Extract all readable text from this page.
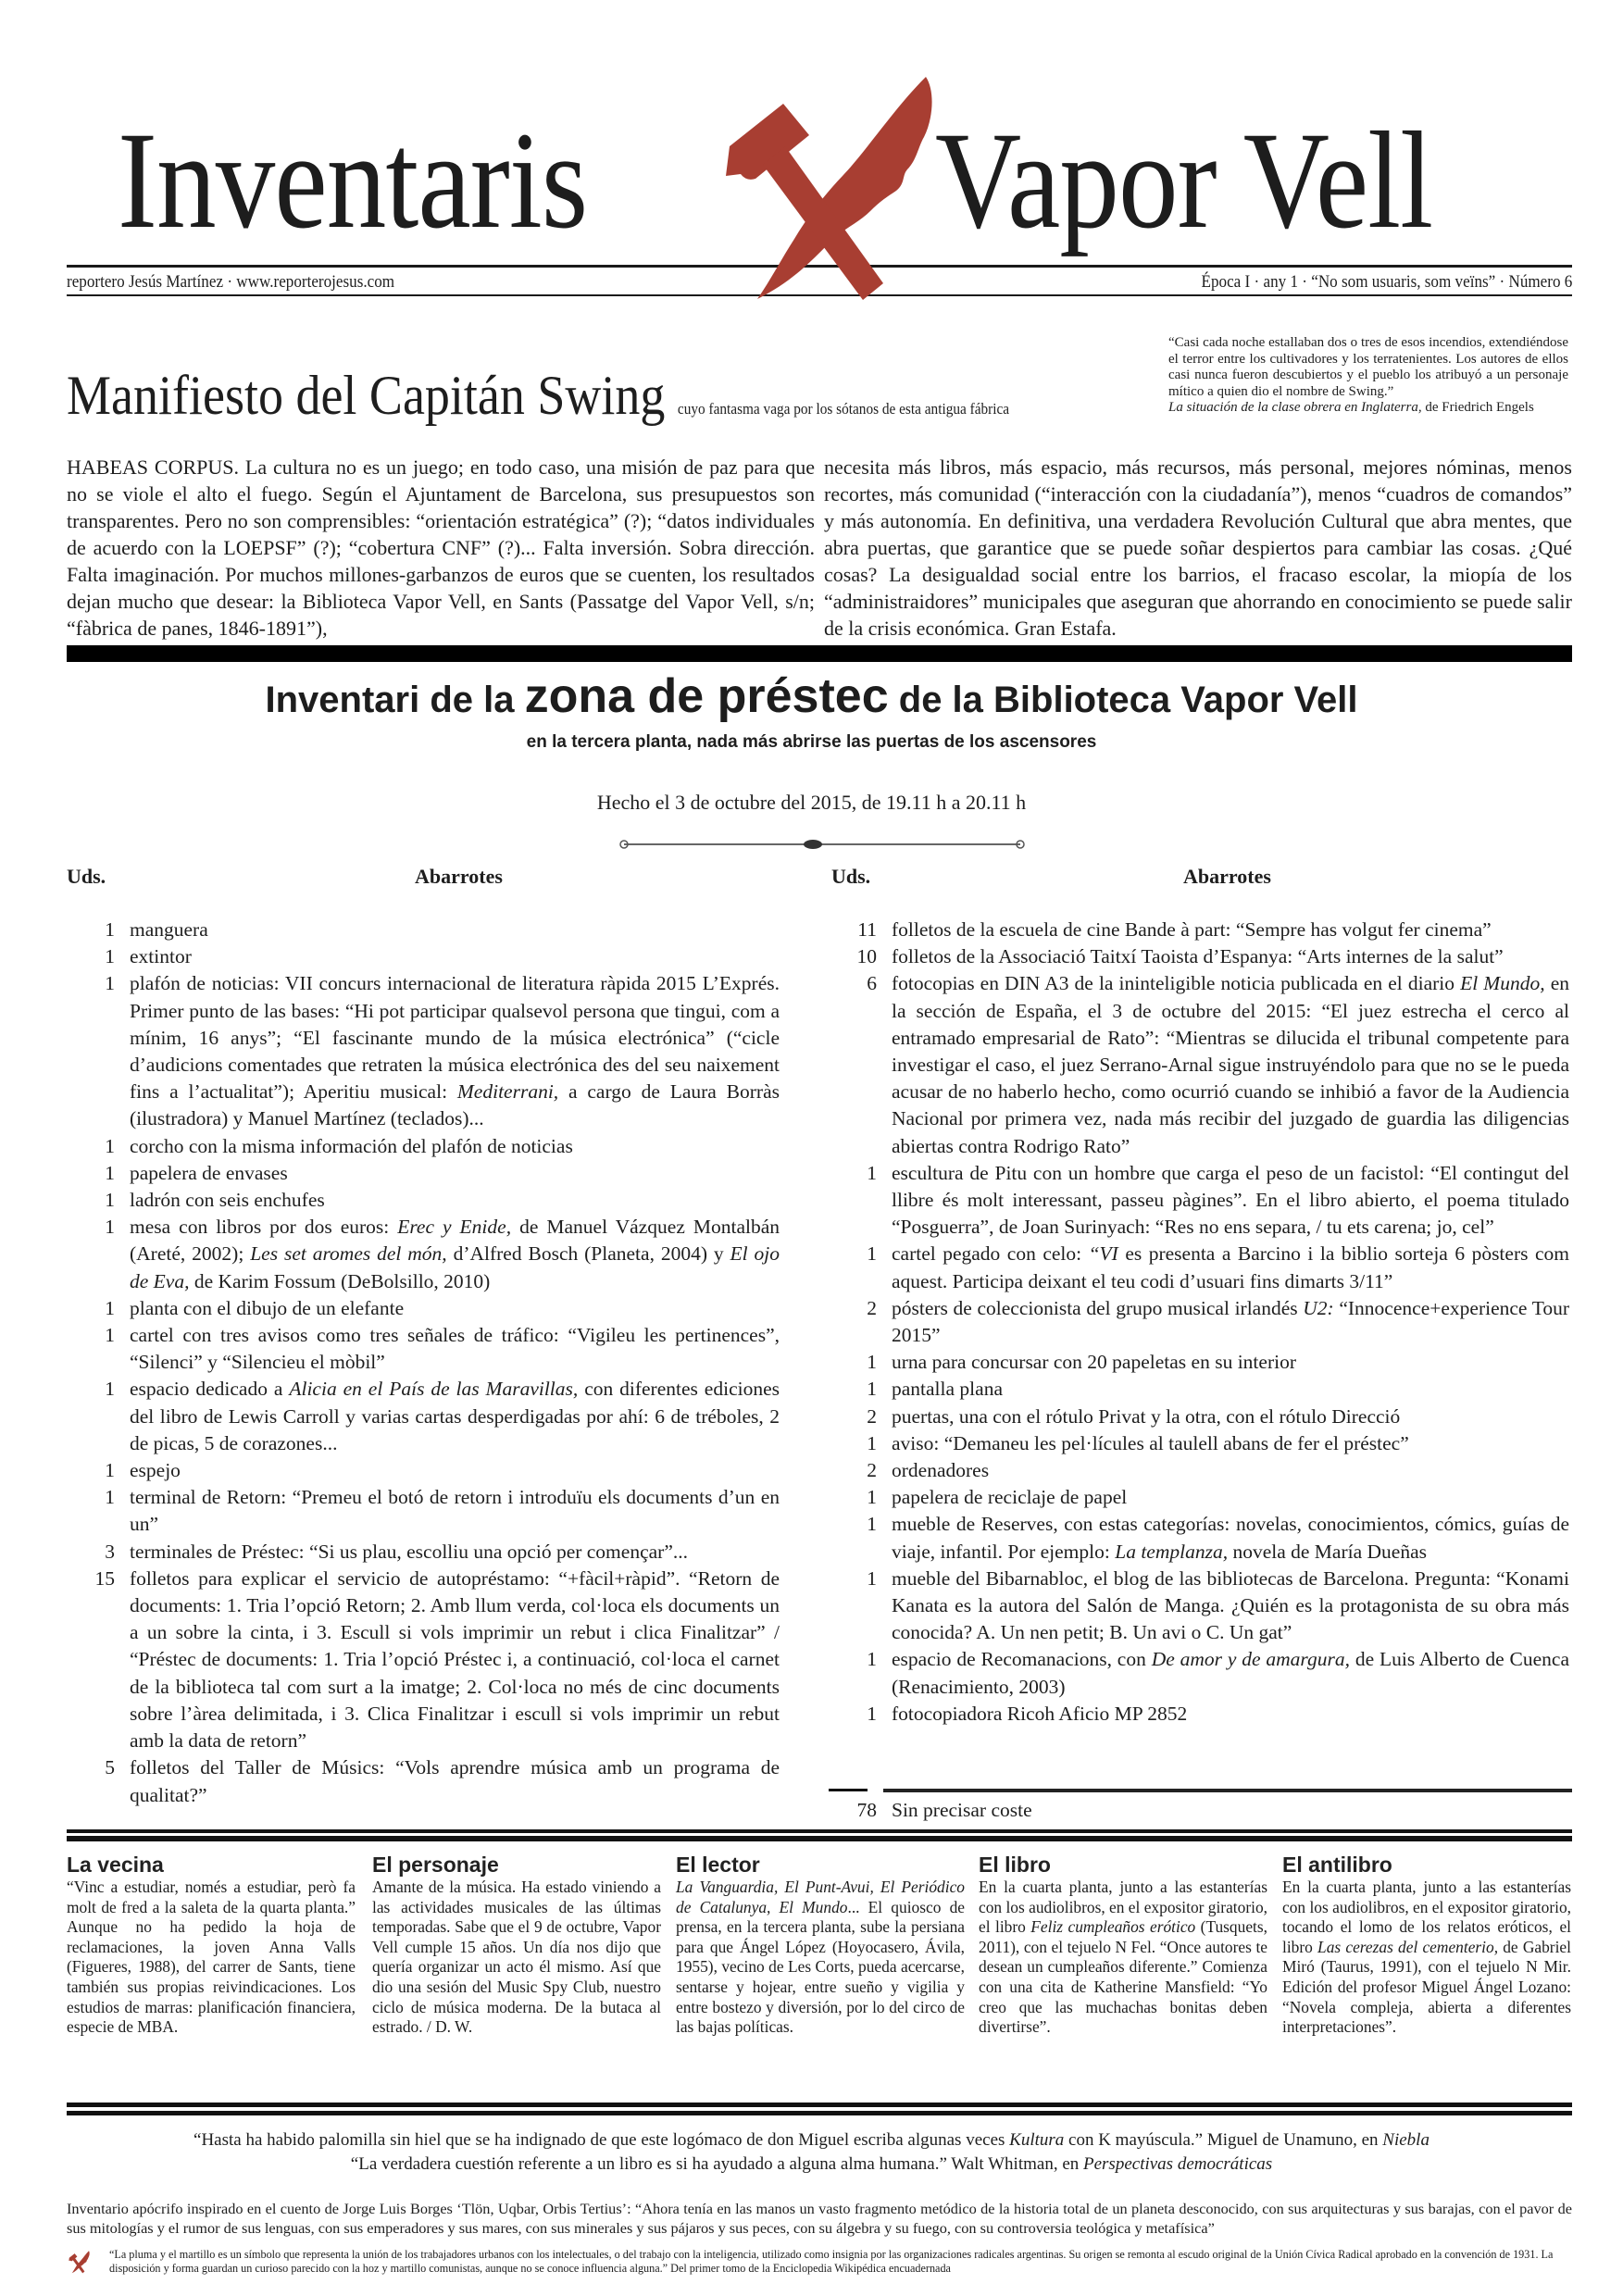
Inventaris	Vapor Vell
reportero Jesús Martínez · www.reporterojesus.com	Época I · any 1 · “No som usuaris, som veïns” · Número 6
Manifiesto del Capitán Swing cuyo fantasma vaga por los sótanos de esta antigua fábrica
“Casi cada noche estallaban dos o tres de esos incendios, extendiéndose el terror entre los cultivadores y los terratenientes. Los autores de ellos casi nunca fueron descubiertos y el pueblo los atribuyó a un personaje mítico a quien dio el nombre de Swing.”
La situación de la clase obrera en Inglaterra, de Friedrich Engels
HABEAS CORPUS. La cultura no es un juego; en todo caso, una misión de paz para que no se viole el alto el fuego. Según el Ajuntament de Barcelona, sus presupuestos son transparentes. Pero no son comprensibles: “orientación estratégica” (?); “datos individuales de acuerdo con la LOEPSF” (?); “cobertura CNF” (?)... Falta inversión. Sobra dirección. Falta imaginación. Por muchos millones-garbanzos de euros que se cuenten, los resultados dejan mucho que desear: la Biblioteca Vapor Vell, en Sants (Passatge del Vapor Vell, s/n; “fàbrica de panes, 1846-1891”),
necesita más libros, más espacio, más recursos, más personal, mejores nóminas, menos recortes, más comunidad (“interacción con la ciudadanía”), menos “cuadros de comandos” y más autonomía. En definitiva, una verdadera Revolución Cultural que abra mentes, que abra puertas, que garantice que se puede soñar despiertos para cambiar las cosas. ¿Qué cosas? La desigualdad social entre los barrios, el fracaso escolar, la miopía de los “administraidores” municipales que aseguran que ahorrando en conocimiento se puede salir de la crisis económica. Gran Estafa.
Inventari de la zona de préstec de la Biblioteca Vapor Vell
en la tercera planta, nada más abrirse las puertas de los ascensores
Hecho el 3 de octubre del 2015, de 19.11 h a 20.11 h
Uds.	Abarrotes	Uds.	Abarrotes
1 manguera
1 extintor
1 plafón de noticias: VII concurs internacional de literatura ràpida 2015 L’Exprés. Primer punto de las bases: “Hi pot participar qualsevol persona que tingui, com a mínim, 16 anys”; “El fascinante mundo de la música electrónica” (“cicle d’audicions comentades que retraten la música electrónica des del seu naixement fins a l’actualitat”); Aperitiu musical: Mediterrani, a cargo de Laura Borràs (ilustradora) y Manuel Martínez (teclados)...
1 corcho con la misma información del plafón de noticias
1 papelera de envases
1 ladrón con seis enchufes
1 mesa con libros por dos euros: Erec y Enide, de Manuel Vázquez Montalbán (Areté, 2002); Les set aromes del món, d’Alfred Bosch (Planeta, 2004) y El ojo de Eva, de Karim Fossum (DeBolsillo, 2010)
1 planta con el dibujo de un elefante
1 cartel con tres avisos como tres señales de tráfico: “Vigileu les pertinences”, “Silenci” y “Silencieu el mòbil”
1 espacio dedicado a Alicia en el País de las Maravillas, con diferentes ediciones del libro de Lewis Carroll y varias cartas desperdigadas por ahí: 6 de tréboles, 2 de picas, 5 de corazones...
1 espejo
1 terminal de Retorn: “Premeu el botó de retorn i introduïu els documents d’un en un”
3 terminales de Préstec: “Si us plau, escolliu una opció per començar”...
15 folletos para explicar el servicio de autopréstamo: “+fàcil+ràpid”. “Retorn de documents: 1. Tria l’opció Retorn; 2. Amb llum verda, col·loca els documents un a un sobre la cinta, i 3. Escull si vols imprimir un rebut i clica Finalitzar” / “Préstec de documents: 1. Tria l’opció Préstec i, a continuació, col·loca el carnet de la biblioteca tal com surt a la imatge; 2. Col·loca no més de cinc documents sobre l’àrea delimitada, i 3. Clica Finalitzar i escull si vols imprimir un rebut amb la data de retorn”
5 folletos del Taller de Músics: “Vols aprendre música amb un programa de qualitat?”
11 folletos de la escuela de cine Bande à part: “Sempre has volgut fer cinema”
10 folletos de la Associació Taitxí Taoista d’Espanya: “Arts internes de la salut”
6 fotocopias en DIN A3 de la ininteligible noticia publicada en el diario El Mundo, en la sección de España, el 3 de octubre del 2015: “El juez estrecha el cerco al entramado empresarial de Rato”: “Mientras se dilucida el tribunal competente para investigar el caso, el juez Serrano-Arnal sigue instruyéndolo para que no se le pueda acusar de no haberlo hecho, como ocurrió cuando se inhibió a favor de la Audiencia Nacional por primera vez, nada más recibir del juzgado de guardia las diligencias abiertas contra Rodrigo Rato”
1 escultura de Pitu con un hombre que carga el peso de un facistol: “El contingut del llibre és molt interessant, passeu pàgines”. En el libro abierto, el poema titulado “Posguerra”, de Joan Surinyach: “Res no ens separa, / tu ets carena; jo, cel”
1 cartel pegado con celo: “VI es presenta a Barcino i la biblio sorteja 6 pòsters com aquest. Participa deixant el teu codi d’usuari fins dimarts 3/11”
2 pósters de coleccionista del grupo musical irlandés U2: “Innocence+experience Tour 2015”
1 urna para concursar con 20 papeletas en su interior
1 pantalla plana
2 puertas, una con el rótulo Privat y la otra, con el rótulo Direcció
1 aviso: “Demaneu les pel·lícules al taulell abans de fer el préstec”
2 ordenadores
1 papelera de reciclaje de papel
1 mueble de Reserves, con estas categorías: novelas, conocimientos, cómics, guías de viaje, infantil. Por ejemplo: La templanza, novela de María Dueñas
1 mueble del Bibarnabloc, el blog de las bibliotecas de Barcelona. Pregunta: “Konami Kanata es la autora del Salón de Manga. ¿Quién es la protagonista de su obra más conocida? A. Un nen petit; B. Un avi o C. Un gat”
1 espacio de Recomanacions, con De amor y de amargura, de Luis Alberto de Cuenca (Renacimiento, 2003)
1 fotocopiadora Ricoh Aficio MP 2852
78 Sin precisar coste
La vecina

“Vinc a estudiar, només a estudiar, però fa molt de fred a la saleta de la quarta planta.” Aunque no ha pedido la hoja de reclamaciones, la joven Anna Valls (Figueres, 1988), del carrer de Sants, tiene también sus propias reivindicaciones. Los estudios de marras: planificación financiera, especie de MBA.

El personaje

Amante de la música. Ha estado viniendo a las actividades musicales de las últimas temporadas. Sabe que el 9 de octubre, Vapor Vell cumple 15 años. Un día nos dijo que quería organizar un acto él mismo. Así que dio una sesión del Music Spy Club, nuestro ciclo de música moderna. De la butaca al estrado. / D. W.

El lector

La Vanguardia, El Punt-Avui, El Periódico de Catalunya, El Mundo... El quiosco de prensa, en la tercera planta, sube la persiana para que Ángel López (Hoyocasero, Ávila, 1955), vecino de Les Corts, pueda acercarse, sentarse y hojear, entre sueño y vigilia y entre bostezo y diversión, por lo del circo de las bajas políticas.

El libro

En la cuarta planta, junto a las estanterías con los audiolibros, en el expositor giratorio, el libro Feliz cumpleaños erótico (Tusquets, 2011), con el tejuelo N Fel. “Once autores te desean un cumpleaños diferente.” Comienza con una cita de Katherine Mansfield: “Yo creo que las muchachas bonitas deben divertirse”.

El antilibro

En la cuarta planta, junto a las estanterías con los audiolibros, en el expositor giratorio, tocando el lomo de los relatos eróticos, el libro Las cerezas del cementerio, de Gabriel Miró (Taurus, 1991), con el tejuelo N Mir. Edición del profesor Miguel Ángel Lozano: “Novela compleja, abierta a diferentes interpretaciones”.

“Hasta ha habido palomilla sin hiel que se ha indignado de que este logómaco de don Miguel escriba algunas veces Kultura con K mayúscula.” Miguel de Unamuno, en Niebla
“La verdadera cuestión referente a un libro es si ha ayudado a alguna alma humana.” Walt Whitman, en Perspectivas democráticas
Inventario apócrifo inspirado en el cuento de Jorge Luis Borges ‘Tlön, Uqbar, Orbis Tertius’: “Ahora tenía en las manos un vasto fragmento metódico de la historia total de un planeta desconocido, con sus arquitecturas y sus barajas, con el pavor de sus mitologías y el rumor de sus lenguas, con sus emperadores y sus mares, con sus minerales y sus pájaros y sus peces, con su álgebra y su fuego, con su controversia teológica y metafísica”
“La pluma y el martillo es un símbolo que representa la unión de los trabajadores urbanos con los intelectuales, o del trabajo con la inteligencia, utilizado como insignia por las organizaciones radicales argentinas. Su origen se remonta al escudo original de la Unión Cívica Radical aprobado en la convención de 1931. La disposición y forma guardan un curioso parecido con la hoz y martillo comunistas, aunque no se conoce influencia alguna.” Del primer tomo de la Enciclopedia Wikipédica encuadernada
